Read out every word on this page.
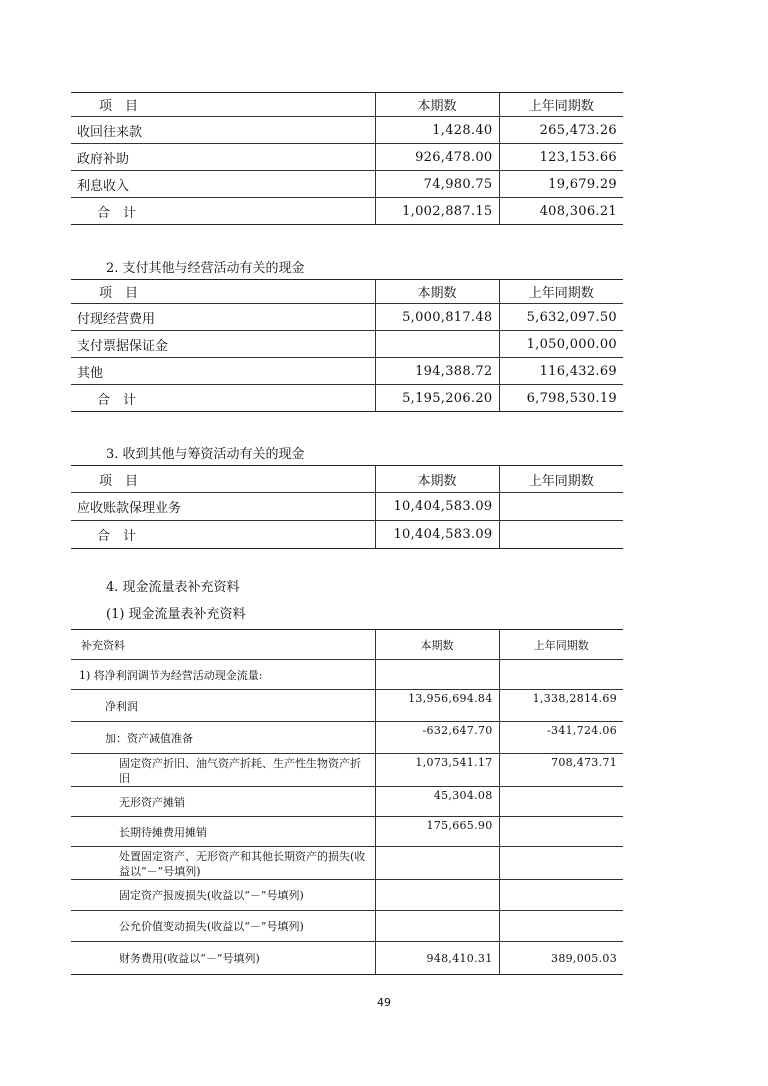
项　目	本期数	上年同期数
收回往来款	1,428.40	265,473.26
政府补助	926,478.00	123,153.66
利息收入	74,980.75	19,679.29
合　计	1,002,887.15	408,306.21
2. 支付其他与经营活动有关的现金
项　目	本期数	上年同期数
付现经营费用	5,000,817.48	5,632,097.50
支付票据保证金		1,050,000.00
其他	194,388.72	116,432.69
合　计	5,195,206.20	6,798,530.19
3. 收到其他与筹资活动有关的现金
项　目	本期数	上年同期数
应收账款保理业务	10,404,583.09	
合　计	10,404,583.09	
4. 现金流量表补充资料
(1) 现金流量表补充资料
补充资料	本期数	上年同期数
1) 将净利润调节为经营活动现金流量:		
净利润	13,956,694.84	1,338,2814.69
加：资产减值准备	-632,647.70	-341,724.06
固定资产折旧、油气资产折耗、生产性生物资产折旧	1,073,541.17	708,473.71
无形资产摊销	45,304.08	
长期待摊费用摊销	175,665.90	
处置固定资产、无形资产和其他长期资产的损失(收益以“－”号填列)		
固定资产报废损失(收益以“－”号填列)		
公允价值变动损失(收益以“－”号填列)		
财务费用(收益以“－”号填列)	948,410.31	389,005.03
49
